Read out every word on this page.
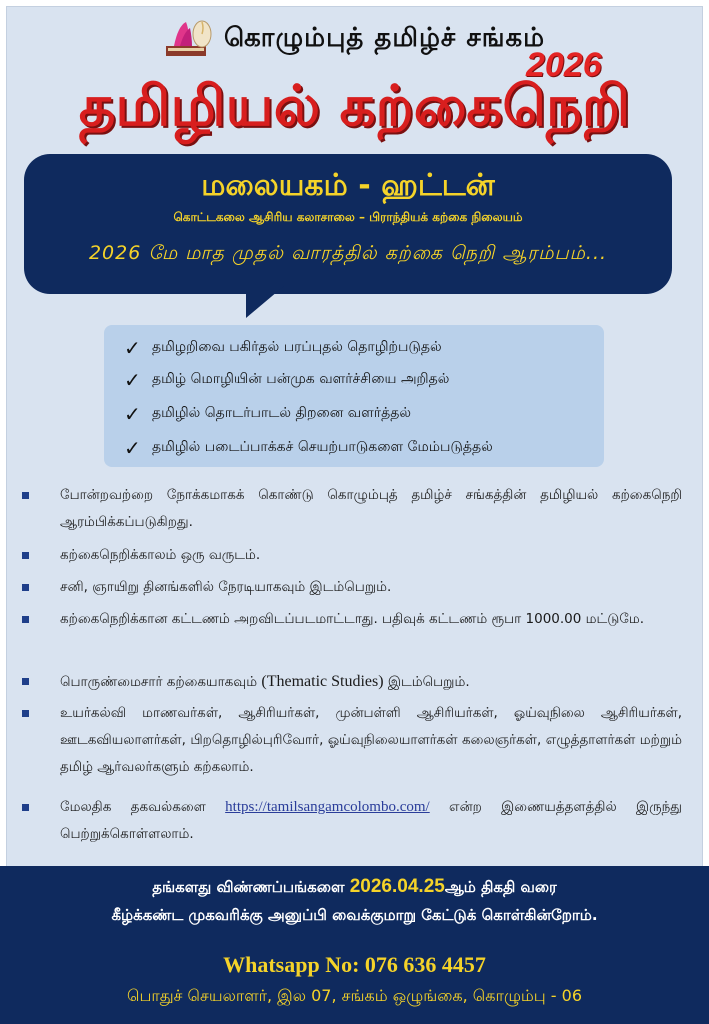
கொழும்புத் தமிழ்ச் சங்கம்
2026
தமிழியல் கற்கைநெறி
மலையகம் - ஹட்டன்
கொட்டகலை ஆசிரிய கலாசாலை – பிராந்தியக் கற்கை நிலையம்
2026 மே மாத முதல் வாரத்தில் கற்கை நெறி ஆரம்பம்...
✓ தமிழறிவை பகிர்தல் பரப்புதல் தொழிற்படுதல்
✓ தமிழ் மொழியின் பன்முக வளர்ச்சியை அறிதல்
✓ தமிழில் தொடர்பாடல் திறனை வளர்த்தல்
✓ தமிழில் படைப்பாக்கச் செயற்பாடுகளை மேம்படுத்தல்
போன்றவற்றை நோக்கமாகக் கொண்டு கொழும்புத் தமிழ்ச் சங்கத்தின் தமிழியல் கற்கைநெறி ஆரம்பிக்கப்படுகிறது.
கற்கைநெறிக்காலம் ஒரு வருடம்.
சனி, ஞாயிறு தினங்களில் நேரடியாகவும் இடம்பெறும்.
கற்கைநெறிக்கான கட்டணம் அறவிடப்படமாட்டாது. பதிவுக் கட்டணம் ரூபா 1000.00 மட்டுமே.
பொருண்மைசார் கற்கையாகவும் (Thematic Studies) இடம்பெறும்.
உயர்கல்வி மாணவர்கள், ஆசிரியர்கள், முன்பள்ளி ஆசிரியர்கள், ஓய்வுநிலை ஆசிரியர்கள், ஊடகவியலாளர்கள், பிறதொழில்புரிவோர், ஓய்வுநிலையாளர்கள் கலைஞர்கள், எழுத்தாளர்கள் மற்றும் தமிழ் ஆர்வலர்களும் கற்கலாம்.
மேலதிக தகவல்களை https://tamilsangamcolombo.com/ என்ற இணையத்தளத்தில் இருந்து பெற்றுக்கொள்ளலாம்.
தங்களது விண்ணப்பங்களை 2026.04.25ஆம் திகதி வரை
கீழ்க்கண்ட முகவரிக்கு அனுப்பி வைக்குமாறு கேட்டுக் கொள்கின்றோம்.
Whatsapp No: 076 636 4457
பொதுச் செயலாளர், இல 07, சங்கம் ஒழுங்கை, கொழும்பு - 06
